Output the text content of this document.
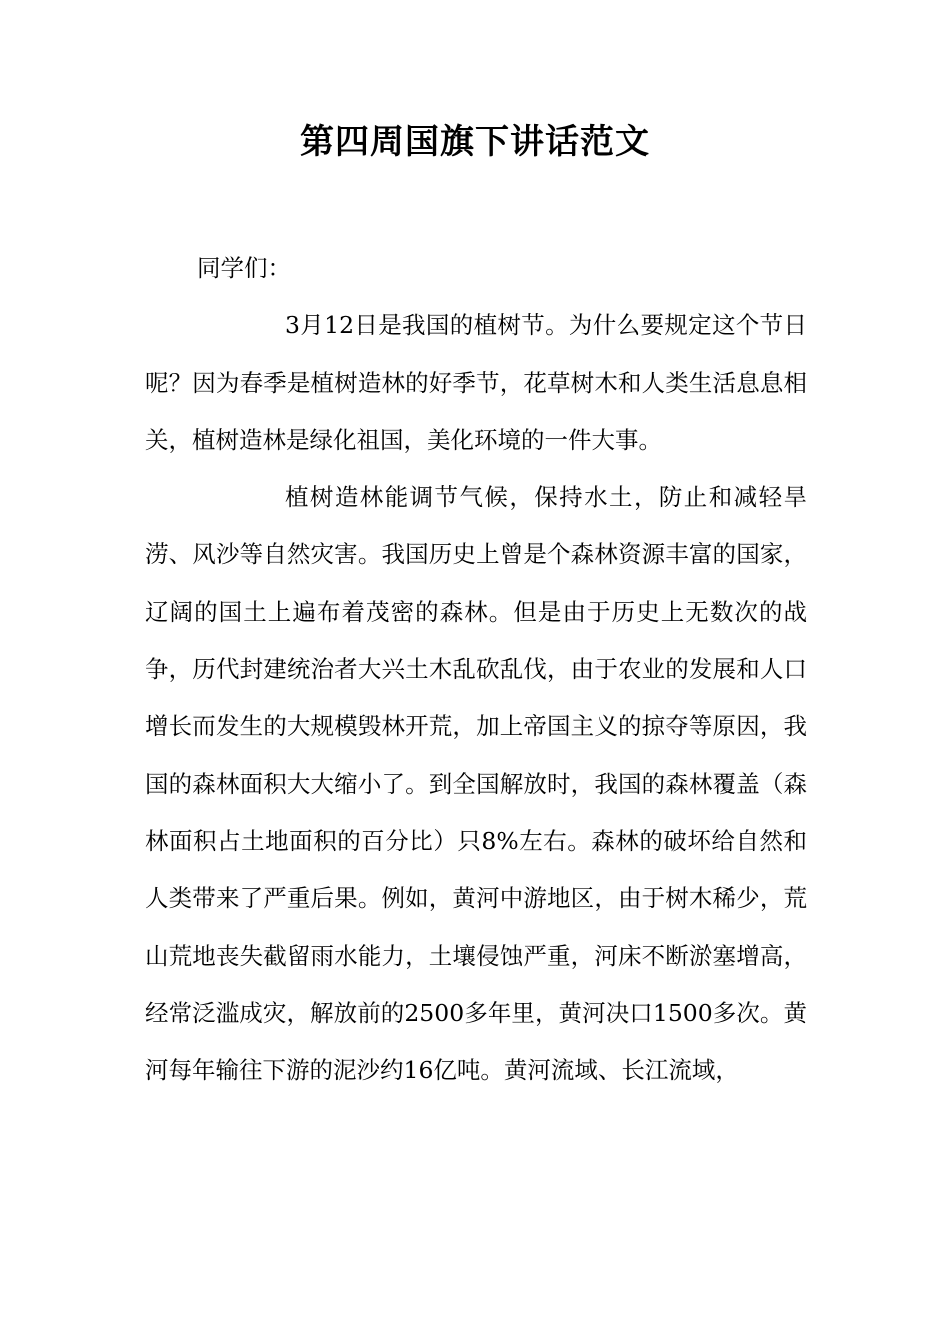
第四周国旗下讲话范文

同学们：

3月12日是我国的植树节。为什么要规定这个节日呢？因为春季是植树造林的好季节，花草树木和人类生活息息相关，植树造林是绿化祖国，美化环境的一件大事。

植树造林能调节气候，保持水土，防止和减轻旱涝、风沙等自然灾害。我国历史上曾是个森林资源丰富的国家，辽阔的国土上遍布着茂密的森林。但是由于历史上无数次的战争，历代封建统治者大兴土木乱砍乱伐，由于农业的发展和人口增长而发生的大规模毁林开荒，加上帝国主义的掠夺等原因，我国的森林面积大大缩小了。到全国解放时，我国的森林覆盖（森林面积占土地面积的百分比）只8%左右。森林的破坏给自然和人类带来了严重后果。例如，黄河中游地区，由于树木稀少，荒山荒地丧失截留雨水能力，土壤侵蚀严重，河床不断淤塞增高，经常泛滥成灾，解放前的2500多年里，黄河决口1500多次。黄河每年输往下游的泥沙约16亿吨。黄河流域、长江流域，
